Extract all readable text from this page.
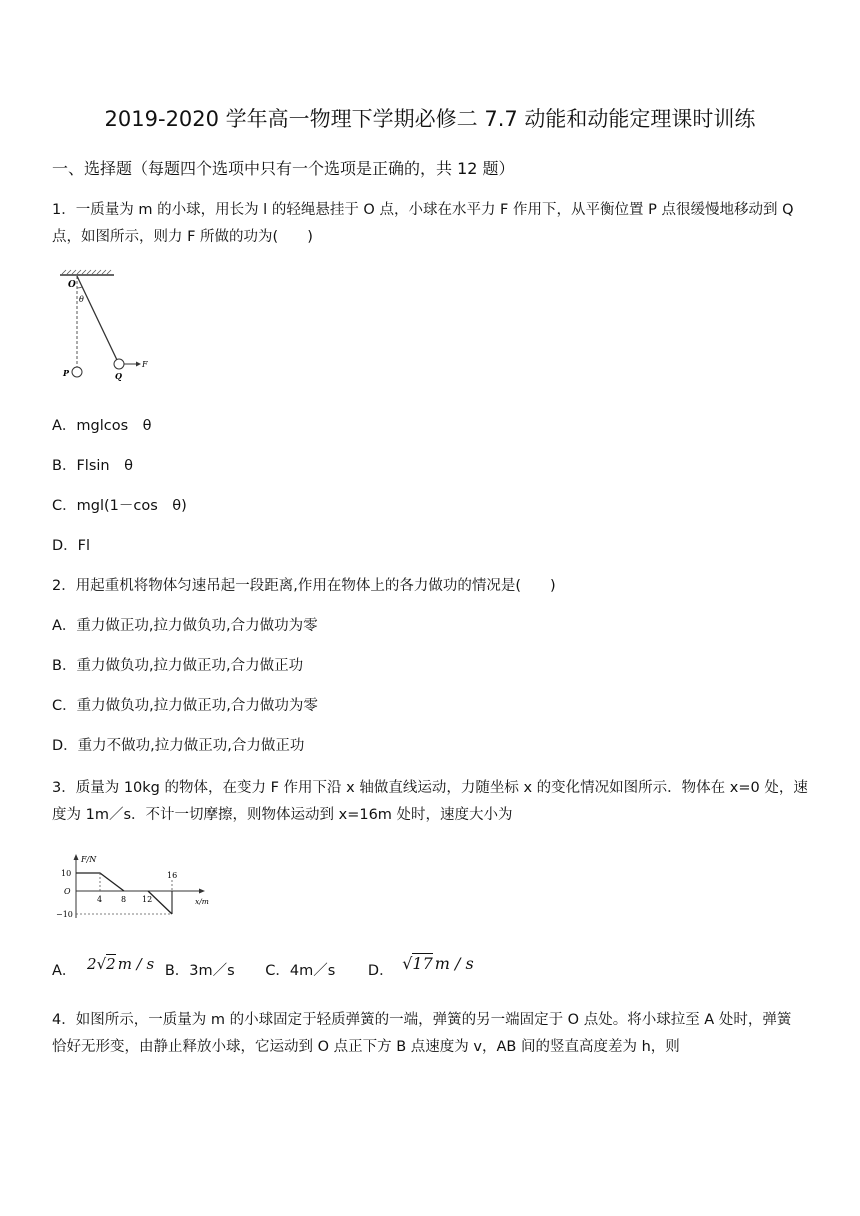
2019-2020 学年高一物理下学期必修二 7.7 动能和动能定理课时训练
一、选择题（每题四个选项中只有一个选项是正确的，共 12 题）
1．一质量为 m 的小球，用长为 l 的轻绳悬挂于 O 点，小球在水平力 F 作用下，从平衡位置 P 点很缓慢地移动到 Q
点，如图所示，则力 F 所做的功为(　　)
O
θ
P	Q
F
A．mglcos　θ
B．Flsin　θ
C．mgl(1－cos　θ)
D．Fl
2．用起重机将物体匀速吊起一段距离,作用在物体上的各力做功的情况是(　　)
A．重力做正功,拉力做负功,合力做功为零
B．重力做负功,拉力做正功,合力做正功
C．重力做负功,拉力做正功,合力做功为零
D．重力不做功,拉力做正功,合力做正功
3．质量为 10kg 的物体，在变力 F 作用下沿 x 轴做直线运动，力随坐标 x 的变化情况如图所示．物体在 x=0 处，速
度为 1m／s．不计一切摩擦，则物体运动到 x=16m 处时，速度大小为
F/N
x/m
O
10
−10
4 8 12
16
A． 2√2 m / s B．3m／s C．4m／s D． √17 m / s
4．如图所示，一质量为 m 的小球固定于轻质弹簧的一端，弹簧的另一端固定于 O 点处。将小球拉至 A 处时，弹簧
恰好无形变，由静止释放小球，它运动到 O 点正下方 B 点速度为 v，AB 间的竖直高度差为 h，则
